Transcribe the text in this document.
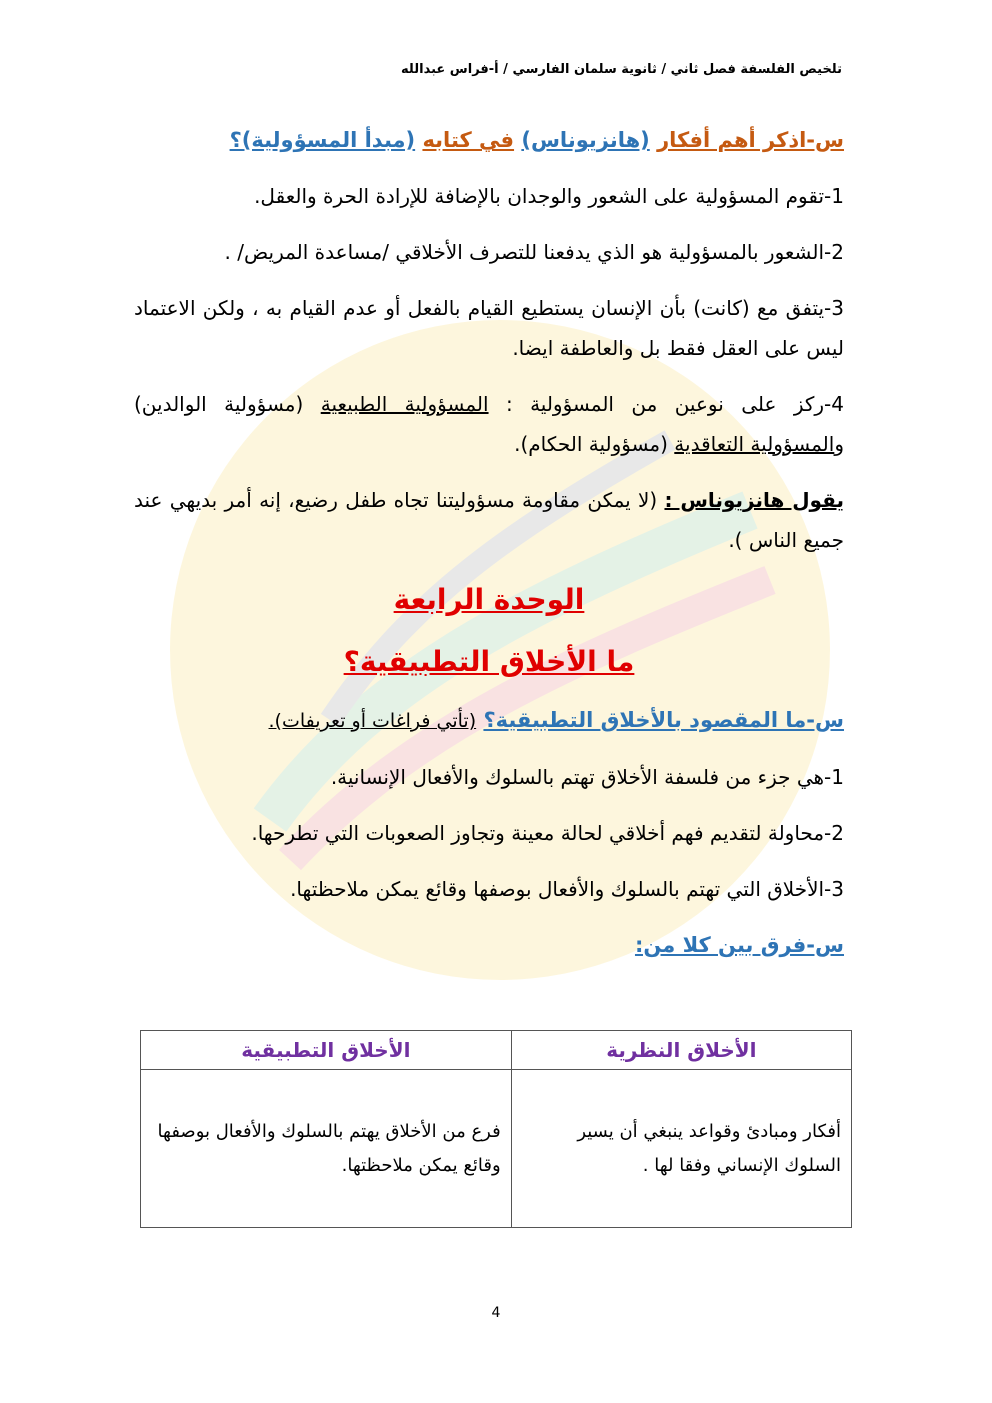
تلخيص الفلسفة فصل ثاني / ثانوية سلمان الفارسي / أ-فراس عبدالله

س-اذكر أهم أفكار (هانزيوناس) في كتابه (مبدأ المسؤولية)؟

1-تقوم المسؤولية على الشعور والوجدان بالإضافة للإرادة الحرة والعقل.

2-الشعور بالمسؤولية هو الذي يدفعنا للتصرف الأخلاقي /مساعدة المريض/ .

3-يتفق مع (كانت) بأن الإنسان يستطيع القيام بالفعل أو عدم القيام به ، ولكن الاعتماد ليس على العقل فقط بل والعاطفة ايضا.

4-ركز على نوعين من المسؤولية : المسؤولية الطبيعية (مسؤولية الوالدين) والمسؤولية التعاقدية (مسؤولية الحكام).

يقول هانزيوناس : (لا يمكن مقاومة مسؤوليتنا تجاه طفل رضيع، إنه أمر بديهي عند جميع الناس ).

الوحدة الرابعة

ما الأخلاق التطبيقية؟

س-ما المقصود بالأخلاق التطبيقية؟ (تأتي فراغات أو تعريفات).

1-هي جزء من فلسفة الأخلاق تهتم بالسلوك والأفعال الإنسانية.

2-محاولة لتقديم فهم أخلاقي لحالة معينة وتجاوز الصعوبات التي تطرحها.

3-الأخلاق التي تهتم بالسلوك والأفعال بوصفها وقائع يمكن ملاحظتها.

س-فرق بين كلا من:

الأخلاق النظرية	الأخلاق التطبيقية
أفكار ومبادئ وقواعد ينبغي أن يسير السلوك الإنساني وفقا لها .	فرع من الأخلاق يهتم بالسلوك والأفعال بوصفها وقائع يمكن ملاحظتها.
4
